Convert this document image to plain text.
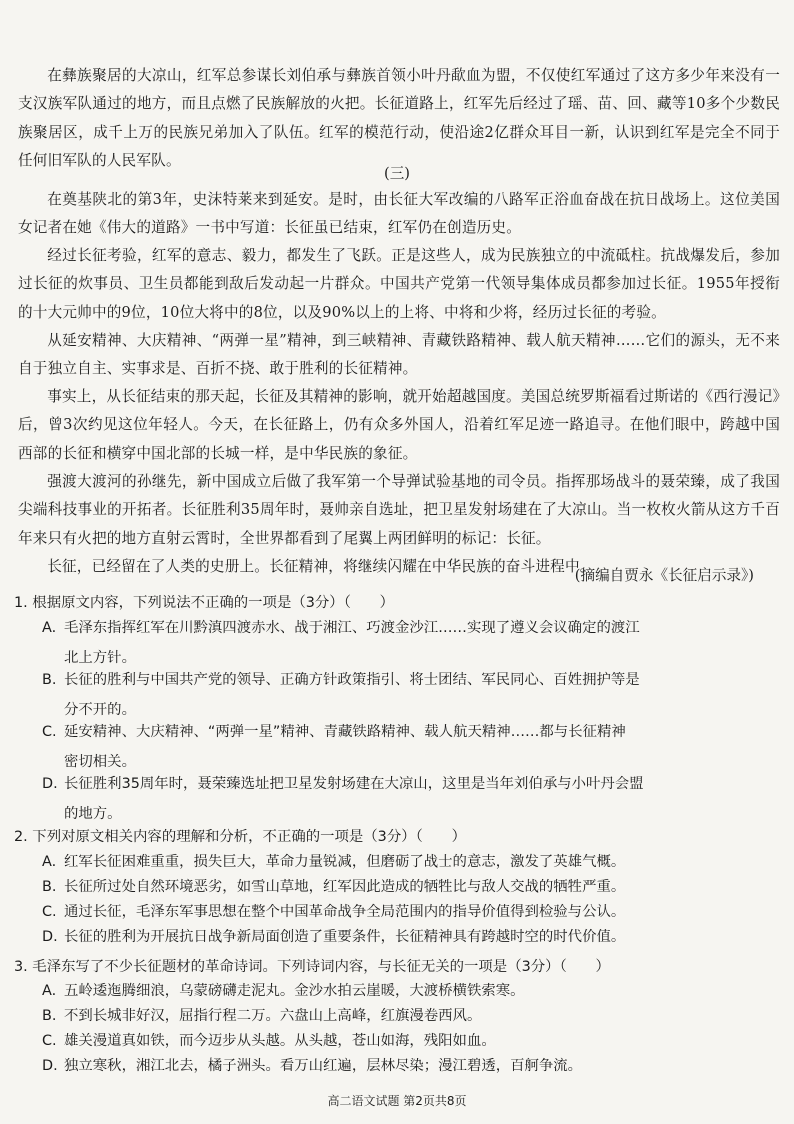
在彝族聚居的大凉山，红军总参谋长刘伯承与彝族首领小叶丹歃血为盟，不仅使红军通过了这方多少年来没有一支汉族军队通过的地方，而且点燃了民族解放的火把。长征道路上，红军先后经过了瑶、苗、回、藏等10多个少数民族聚居区，成千上万的民族兄弟加入了队伍。红军的模范行动，使沿途2亿群众耳目一新，认识到红军是完全不同于任何旧军队的人民军队。

(三)

在奠基陕北的第3年，史沫特莱来到延安。是时，由长征大军改编的八路军正浴血奋战在抗日战场上。这位美国女记者在她《伟大的道路》一书中写道：长征虽已结束，红军仍在创造历史。

经过长征考验，红军的意志、毅力，都发生了飞跃。正是这些人，成为民族独立的中流砥柱。抗战爆发后，参加过长征的炊事员、卫生员都能到敌后发动起一片群众。中国共产党第一代领导集体成员都参加过长征。1955年授衔的十大元帅中的9位，10位大将中的8位，以及90%以上的上将、中将和少将，经历过长征的考验。

从延安精神、大庆精神、“两弹一星”精神，到三峡精神、青藏铁路精神、载人航天精神……它们的源头，无不来自于独立自主、实事求是、百折不挠、敢于胜利的长征精神。

事实上，从长征结束的那天起，长征及其精神的影响，就开始超越国度。美国总统罗斯福看过斯诺的《西行漫记》后，曾3次约见这位年轻人。今天，在长征路上，仍有众多外国人，沿着红军足迹一路追寻。在他们眼中，跨越中国西部的长征和横穿中国北部的长城一样，是中华民族的象征。

强渡大渡河的孙继先，新中国成立后做了我军第一个导弹试验基地的司令员。指挥那场战斗的聂荣臻，成了我国尖端科技事业的开拓者。长征胜利35周年时，聂帅亲自选址，把卫星发射场建在了大凉山。当一枚枚火箭从这方千百年来只有火把的地方直射云霄时，全世界都看到了尾翼上两团鲜明的标记：长征。

长征，已经留在了人类的史册上。长征精神，将继续闪耀在中华民族的奋斗进程中。

(摘编自贾永《长征启示录》)

1. 根据原文内容，下列说法不正确的一项是（3分）（　　）

A. 毛泽东指挥红军在川黔滇四渡赤水、战于湘江、巧渡金沙江……实现了遵义会议确定的渡江
北上方针。
B. 长征的胜利与中国共产党的领导、正确方针政策指引、将士团结、军民同心、百姓拥护等是
分不开的。
C. 延安精神、大庆精神、“两弹一星”精神、青藏铁路精神、载人航天精神……都与长征精神
密切相关。
D. 长征胜利35周年时，聂荣臻选址把卫星发射场建在大凉山，这里是当年刘伯承与小叶丹会盟
的地方。

2. 下列对原文相关内容的理解和分析，不正确的一项是（3分）（　　）

A. 红军长征困难重重，损失巨大，革命力量锐减，但磨砺了战士的意志，激发了英雄气概。
B. 长征所过处自然环境恶劣，如雪山草地，红军因此造成的牺牲比与敌人交战的牺牲严重。
C. 通过长征，毛泽东军事思想在整个中国革命战争全局范围内的指导价值得到检验与公认。
D. 长征的胜利为开展抗日战争新局面创造了重要条件，长征精神具有跨越时空的时代价值。

3. 毛泽东写了不少长征题材的革命诗词。下列诗词内容，与长征无关的一项是（3分）（　　）

A. 五岭逶迤腾细浪，乌蒙磅礴走泥丸。金沙水拍云崖暖，大渡桥横铁索寒。
B. 不到长城非好汉，屈指行程二万。六盘山上高峰，红旗漫卷西风。
C. 雄关漫道真如铁，而今迈步从头越。从头越，苍山如海，残阳如血。
D. 独立寒秋，湘江北去，橘子洲头。看万山红遍，层林尽染；漫江碧透，百舸争流。

高二语文试题 第2页共8页
